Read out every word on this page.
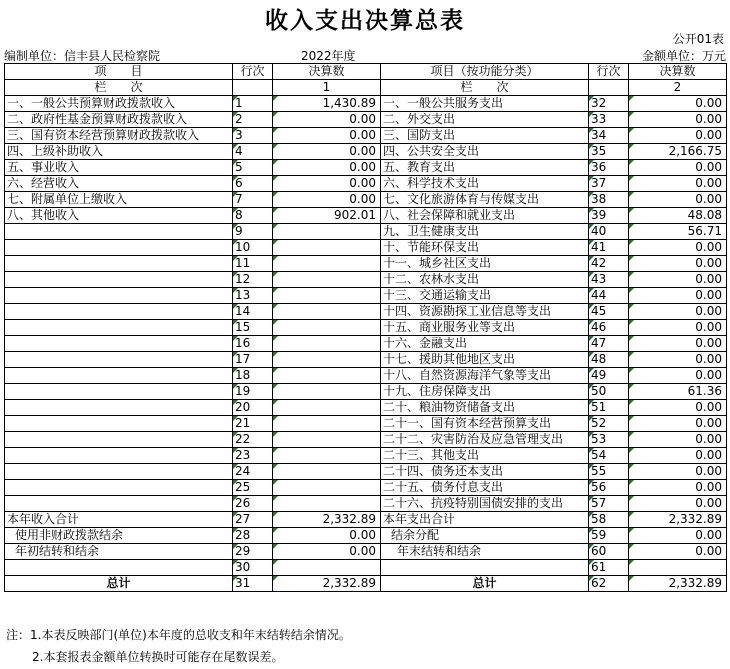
收入支出决算总表
公开01表
编制单位：信丰县人民检察院	2022年度	金额单位：万元
项　　目	行次	决算数	项目（按功能分类）	行次	决算数
栏　　次		1	栏　　次		2
一、一般公共预算财政拨款收入	1	1,430.89	一、一般公共服务支出	32	0.00
二、政府性基金预算财政拨款收入	2	0.00	二、外交支出	33	0.00
三、国有资本经营预算财政拨款收入	3	0.00	三、国防支出	34	0.00
四、上级补助收入	4	0.00	四、公共安全支出	35	2,166.75
五、事业收入	5	0.00	五、教育支出	36	0.00
六、经营收入	6	0.00	六、科学技术支出	37	0.00
七、附属单位上缴收入	7	0.00	七、文化旅游体育与传媒支出	38	0.00
八、其他收入	8	902.01	八、社会保障和就业支出	39	48.08
	9		九、卫生健康支出	40	56.71
	10		十、节能环保支出	41	0.00
	11		十一、城乡社区支出	42	0.00
	12		十二、农林水支出	43	0.00
	13		十三、交通运输支出	44	0.00
	14		十四、资源勘探工业信息等支出	45	0.00
	15		十五、商业服务业等支出	46	0.00
	16		十六、金融支出	47	0.00
	17		十七、援助其他地区支出	48	0.00
	18		十八、自然资源海洋气象等支出	49	0.00
	19		十九、住房保障支出	50	61.36
	20		二十、粮油物资储备支出	51	0.00
	21		二十一、国有资本经营预算支出	52	0.00
	22		二十二、灾害防治及应急管理支出	53	0.00
	23		二十三、其他支出	54	0.00
	24		二十四、债务还本支出	55	0.00
	25		二十五、债务付息支出	56	0.00
	26		二十六、抗疫特别国债安排的支出	57	0.00
本年收入合计	27	2,332.89	本年支出合计	58	2,332.89
使用非财政拨款结余	28	0.00	结余分配	59	0.00
年初结转和结余	29	0.00	年末结转和结余	60	0.00
	30			61	
总计	31	2,332.89	总计	62	2,332.89
注：1.本表反映部门(单位)本年度的总收支和年末结转结余情况。
2.本套报表金额单位转换时可能存在尾数误差。
